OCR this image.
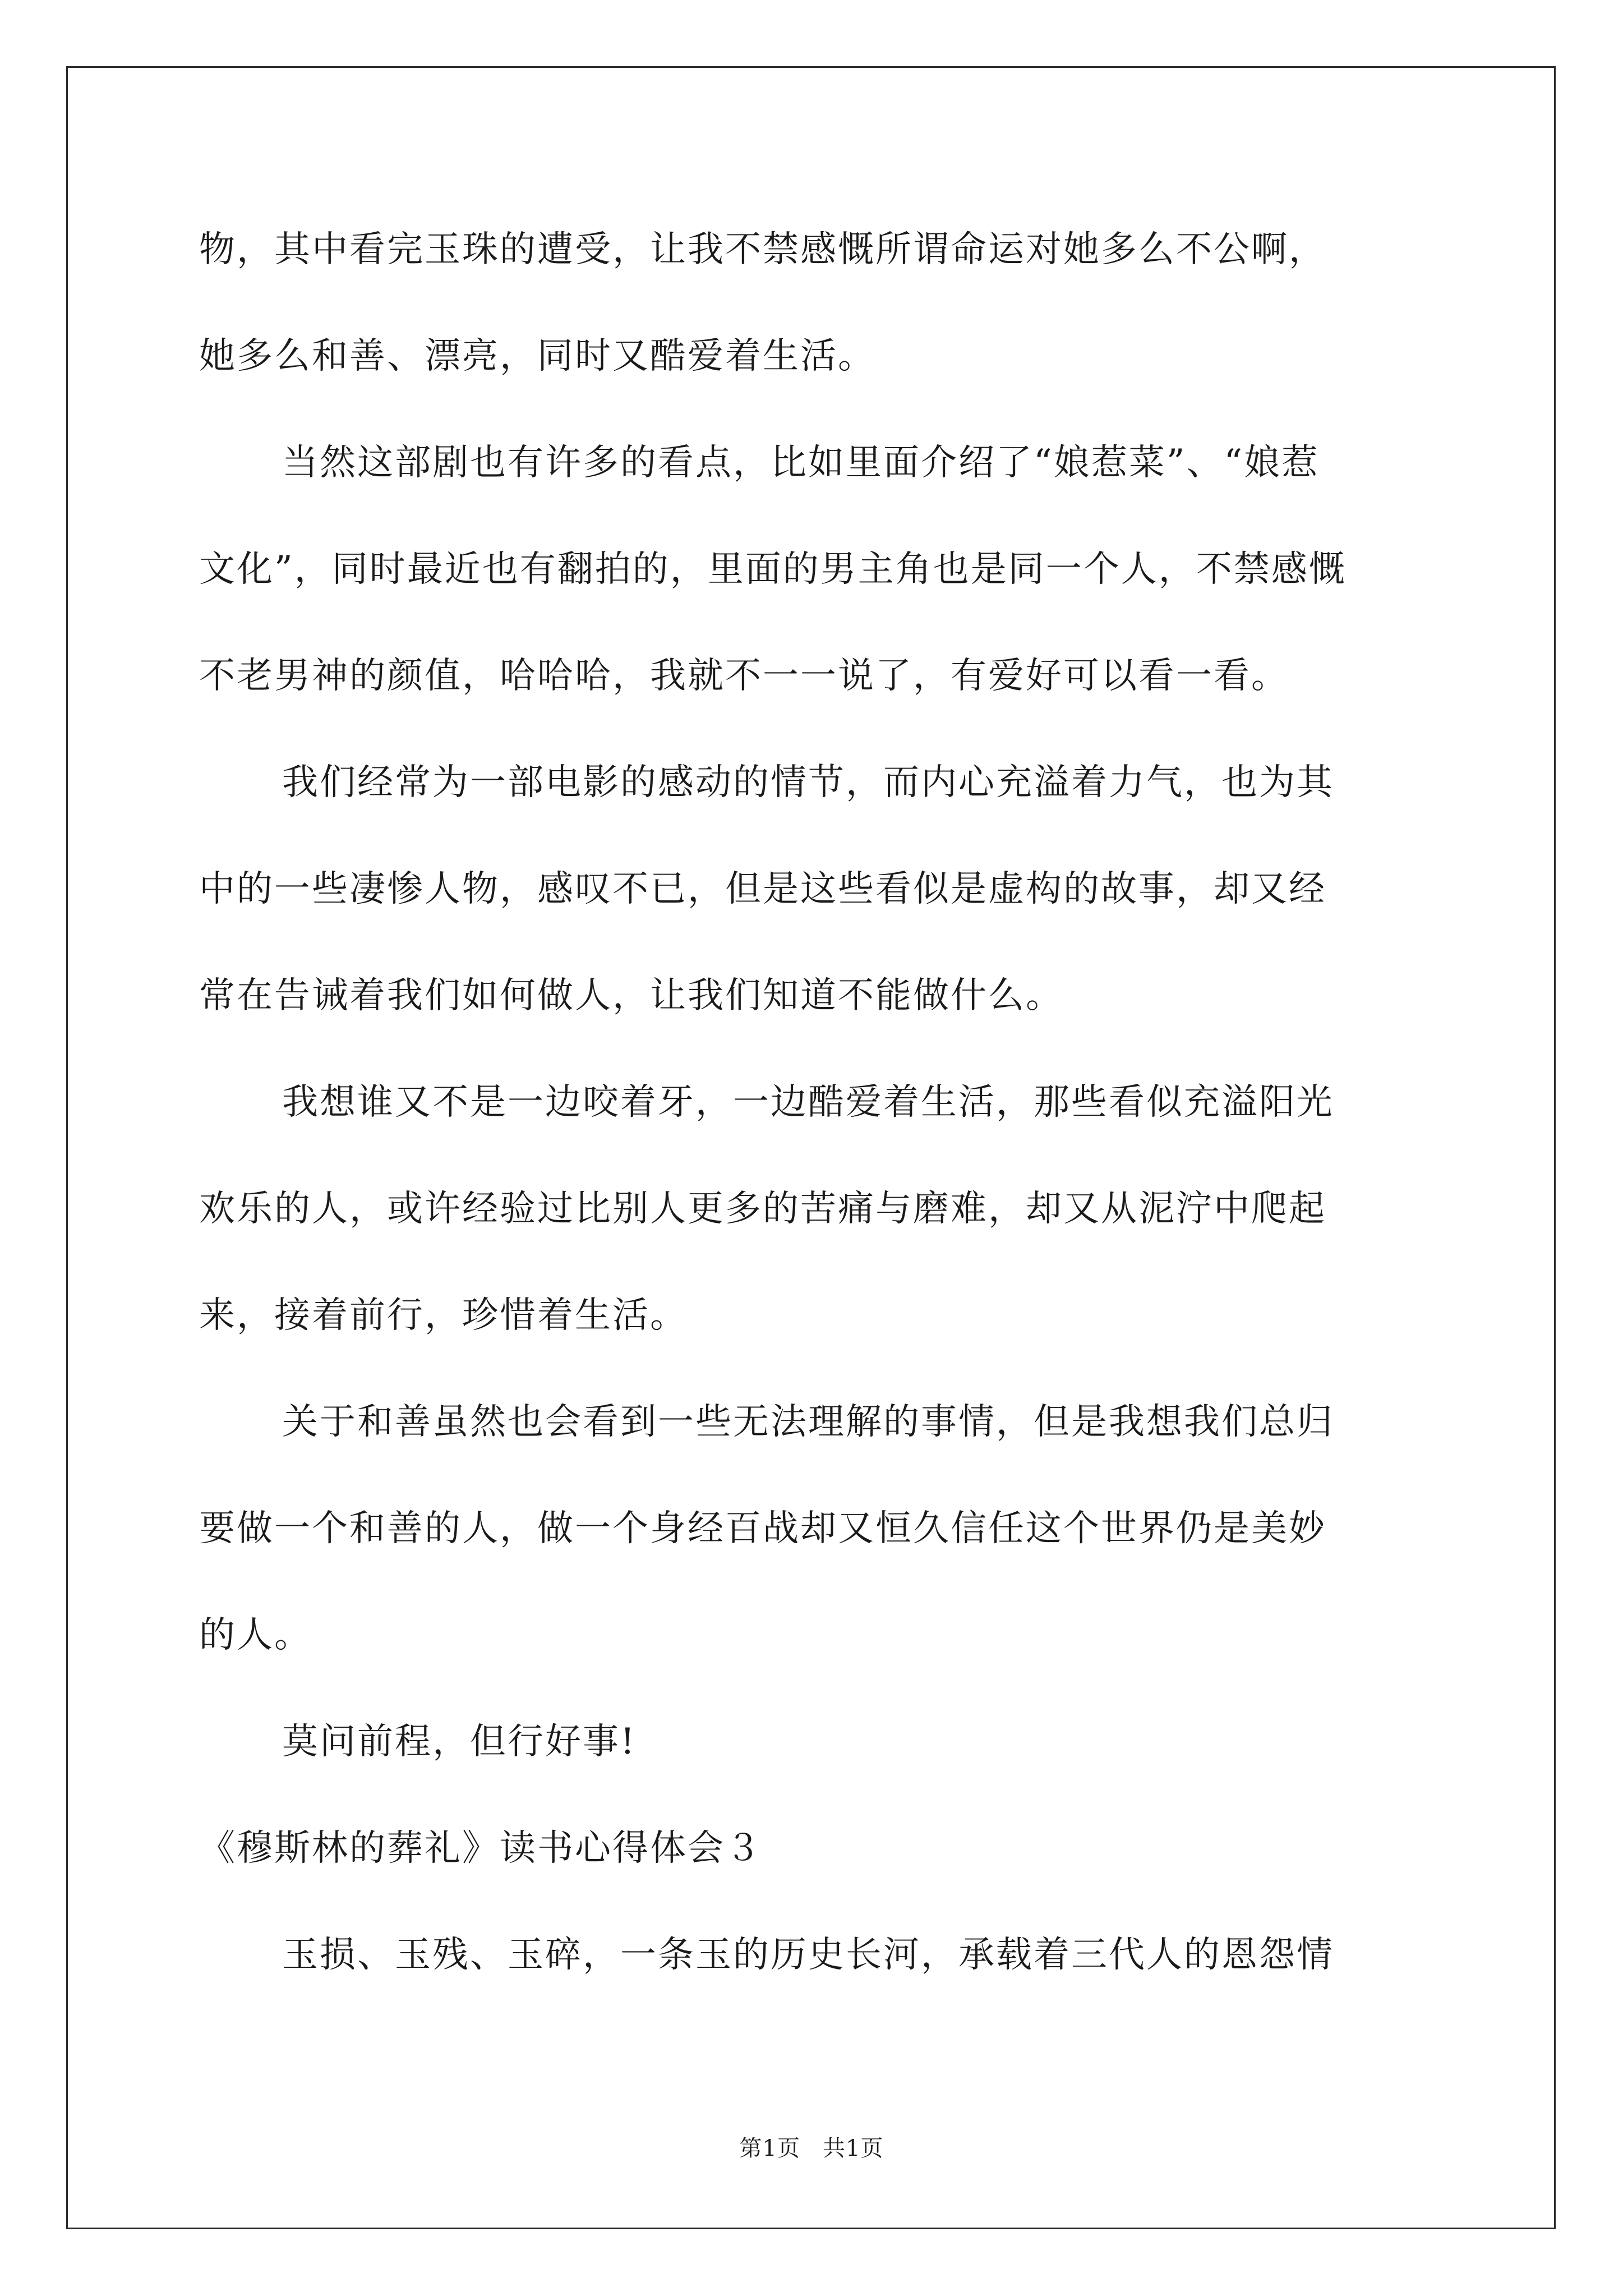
物，其中看完玉珠的遭受，让我不禁感慨所谓命运对她多么不公啊，
她多么和善、漂亮，同时又酷爱着生活。
当然这部剧也有许多的看点，比如里面介绍了“娘惹菜”、“娘惹
文化”，同时最近也有翻拍的，里面的男主角也是同一个人，不禁感慨
不老男神的颜值，哈哈哈，我就不一一说了，有爱好可以看一看。
我们经常为一部电影的感动的情节，而内心充溢着力气，也为其
中的一些凄惨人物，感叹不已，但是这些看似是虚构的故事，却又经
常在告诫着我们如何做人，让我们知道不能做什么。
我想谁又不是一边咬着牙，一边酷爱着生活，那些看似充溢阳光
欢乐的人，或许经验过比别人更多的苦痛与磨难，却又从泥泞中爬起
来，接着前行，珍惜着生活。
关于和善虽然也会看到一些无法理解的事情，但是我想我们总归
要做一个和善的人，做一个身经百战却又恒久信任这个世界仍是美妙
的人。
莫问前程，但行好事!
《穆斯林的葬礼》读书心得体会３
玉损、玉残、玉碎，一条玉的历史长河，承载着三代人的恩怨情
第1页 共1页
